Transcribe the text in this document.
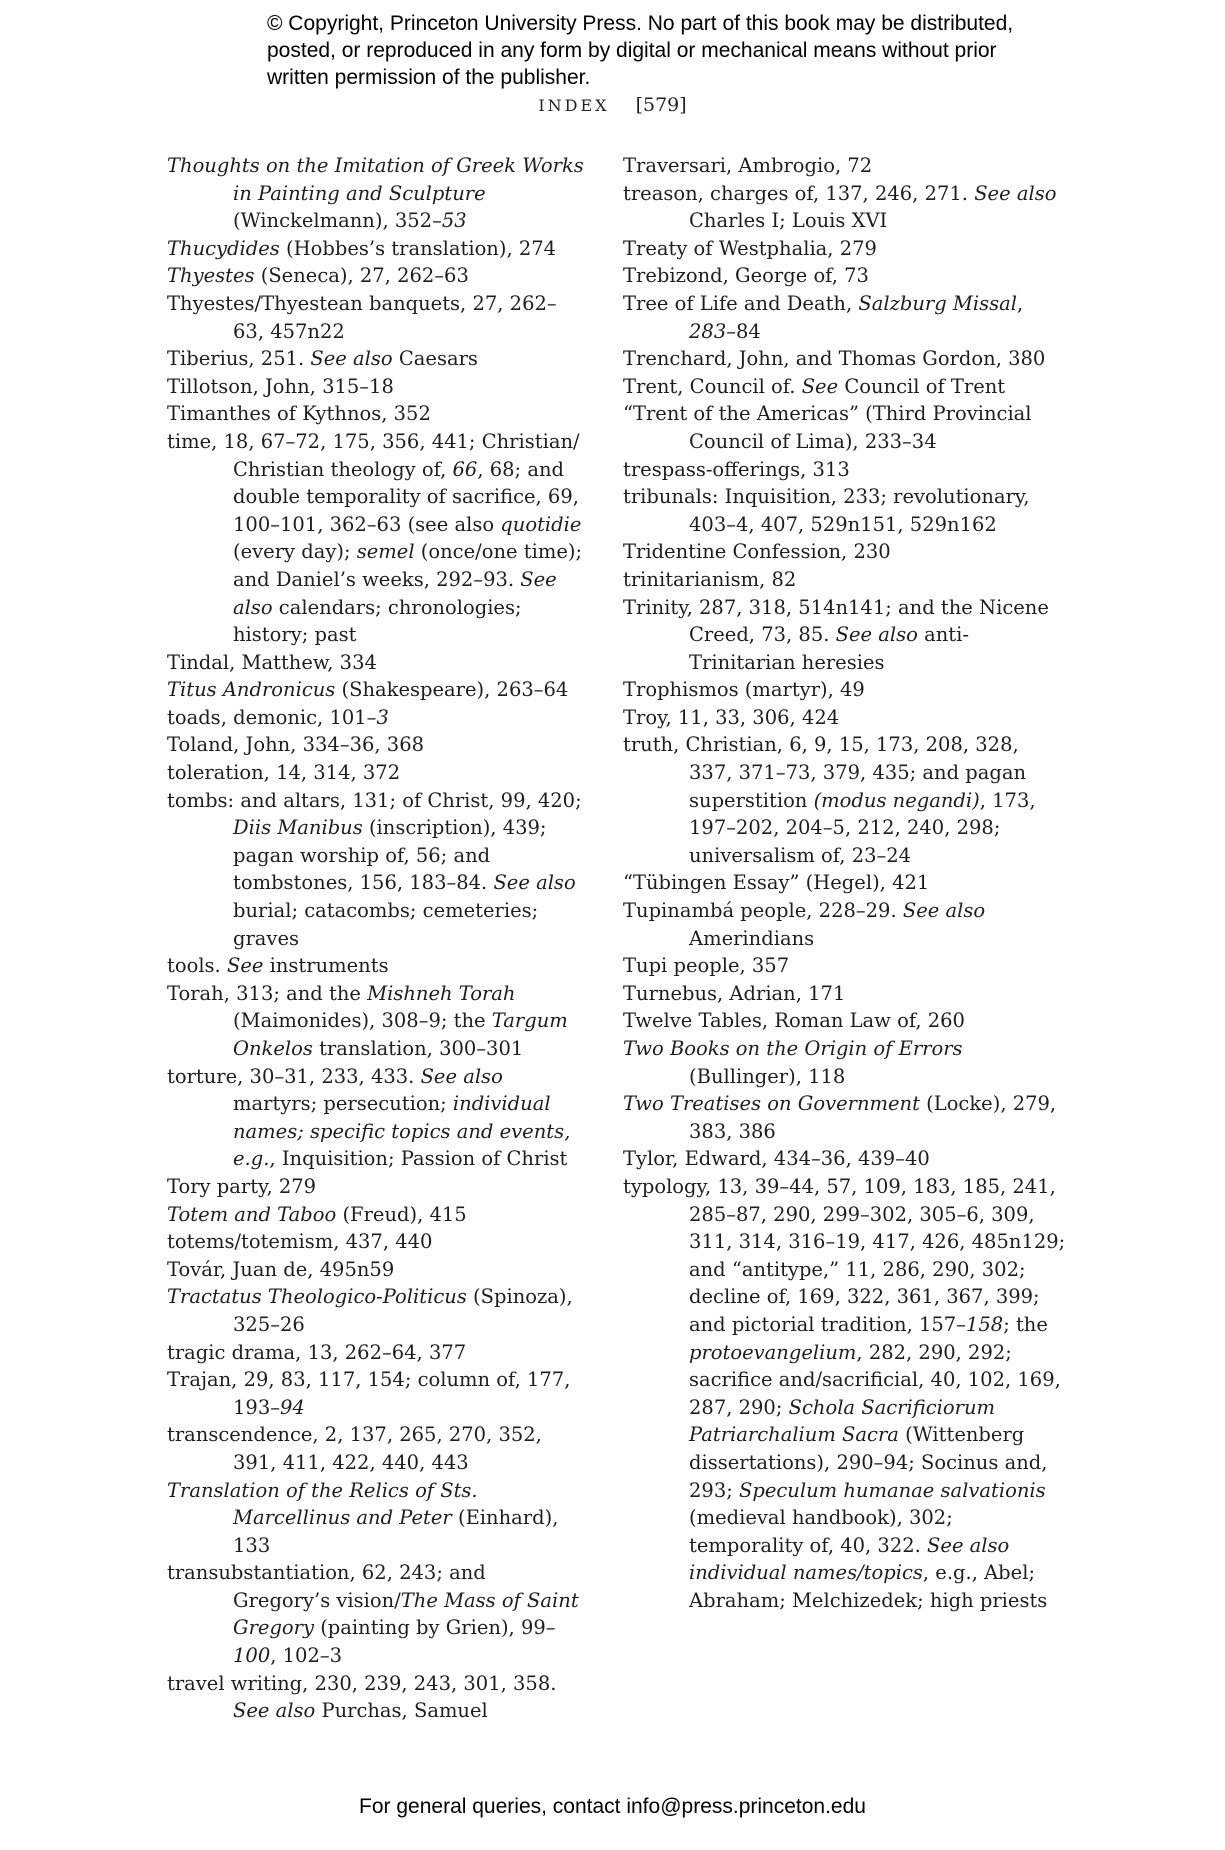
© Copyright, Princeton University Press. No part of this book may be distributed, posted, or reproduced in any form by digital or mechanical means without prior written permission of the publisher.
INDEX [579]

Thoughts on the Imitation of Greek Works in Painting and Sculpture (Winckelmann), 352–53

Thucydides (Hobbes’s translation), 274

Thyestes (Seneca), 27, 262–63

Thyestes/Thyestean banquets, 27, 262–63, 457n22

Tiberius, 251. See also Caesars

Tillotson, John, 315–18

Timanthes of Kythnos, 352

time, 18, 67–72, 175, 356, 441; Christian/ Christian theology of, 66, 68; and double temporality of sacrifice, 69, 100–101, 362–63 (see also quotidie (every day); semel (once/one time); and Daniel’s weeks, 292–93. See also calendars; chronologies; history; past

Tindal, Matthew, 334

Titus Andronicus (Shakespeare), 263–64

toads, demonic, 101–3

Toland, John, 334–36, 368

toleration, 14, 314, 372

tombs: and altars, 131; of Christ, 99, 420; Diis Manibus (inscription), 439; pagan worship of, 56; and tombstones, 156, 183–84. See also burial; catacombs; cemeteries; graves

tools. See instruments

Torah, 313; and the Mishneh Torah (Maimonides), 308–9; the Targum Onkelos translation, 300–301

torture, 30–31, 233, 433. See also martyrs; persecution; individual names; specific topics and events, e.g., Inquisition; Passion of Christ

Tory party, 279

Totem and Taboo (Freud), 415

totems/totemism, 437, 440

Továr, Juan de, 495n59

Tractatus Theologico-Politicus (Spinoza), 325–26

tragic drama, 13, 262–64, 377

Trajan, 29, 83, 117, 154; column of, 177, 193–94

transcendence, 2, 137, 265, 270, 352, 391, 411, 422, 440, 443

Translation of the Relics of Sts. Marcellinus and Peter (Einhard), 133

transubstantiation, 62, 243; and Gregory’s vision/The Mass of Saint Gregory (painting by Grien), 99–100, 102–3

travel writing, 230, 239, 243, 301, 358. See also Purchas, Samuel

Traversari, Ambrogio, 72

treason, charges of, 137, 246, 271. See also Charles I; Louis XVI

Treaty of Westphalia, 279

Trebizond, George of, 73

Tree of Life and Death, Salzburg Missal, 283–84

Trenchard, John, and Thomas Gordon, 380

Trent, Council of. See Council of Trent

“Trent of the Americas” (Third Provincial Council of Lima), 233–34

trespass-offerings, 313

tribunals: Inquisition, 233; revolutionary, 403–4, 407, 529n151, 529n162

Tridentine Confession, 230

trinitarianism, 82

Trinity, 287, 318, 514n141; and the Nicene Creed, 73, 85. See also anti-Trinitarian heresies

Trophismos (martyr), 49

Troy, 11, 33, 306, 424

truth, Christian, 6, 9, 15, 173, 208, 328, 337, 371–73, 379, 435; and pagan superstition (modus negandi), 173, 197–202, 204–5, 212, 240, 298; universalism of, 23–24

“Tübingen Essay” (Hegel), 421

Tupinambá people, 228–29. See also Amerindians

Tupi people, 357

Turnebus, Adrian, 171

Twelve Tables, Roman Law of, 260

Two Books on the Origin of Errors (Bullinger), 118

Two Treatises on Government (Locke), 279, 383, 386

Tylor, Edward, 434–36, 439–40

typology, 13, 39–44, 57, 109, 183, 185, 241, 285–87, 290, 299–302, 305–6, 309, 311, 314, 316–19, 417, 426, 485n129; and “antitype,” 11, 286, 290, 302; decline of, 169, 322, 361, 367, 399; and pictorial tradition, 157–158; the protoevangelium, 282, 290, 292; sacrifice and/sacrificial, 40, 102, 169, 287, 290; Schola Sacrificiorum Patriarchalium Sacra (Wittenberg dissertations), 290–94; Socinus and, 293; Speculum humanae salvationis (medieval handbook), 302; temporality of, 40, 322. See also individual names/topics, e.g., Abel; Abraham; Melchizedek; high priests

For general queries, contact info@press.princeton.edu
